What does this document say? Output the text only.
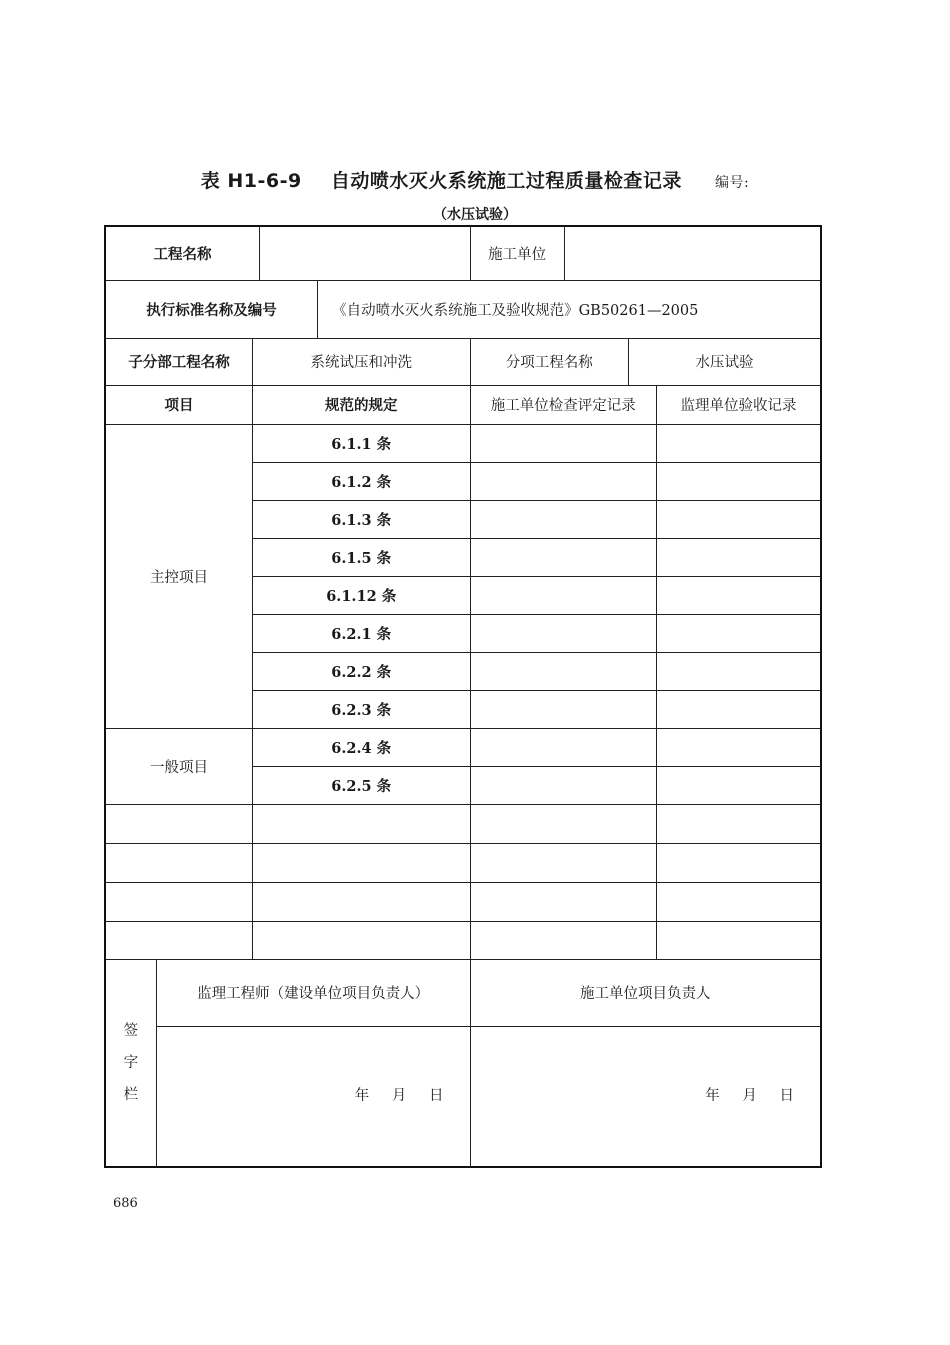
表 H1-6-9 自动喷水灭火系统施工过程质量检查记录 编号:
（水压试验）
工程名称					施工单位			
执行标准名称及编号				《自动喷水灭火系统施工及验收规范》GB50261—2005				
子分部工程名称		系统试压和冲洗			分项工程名称		水压试验	
项目		规范的规定			施工单位检查评定记录			监理单位验收记录
主控项目		6.1.1 条						
		6.1.2 条						
		6.1.3 条						
		6.1.5 条						
		6.1.12 条						
		6.2.1 条						
		6.2.2 条						
		6.2.3 条						
一般项目		6.2.4 条						
		6.2.5 条						

签
字
栏	监理工程师（建设单位项目负责人）				施工单位项目负责人			

	年 月 日				年 月 日			
686
